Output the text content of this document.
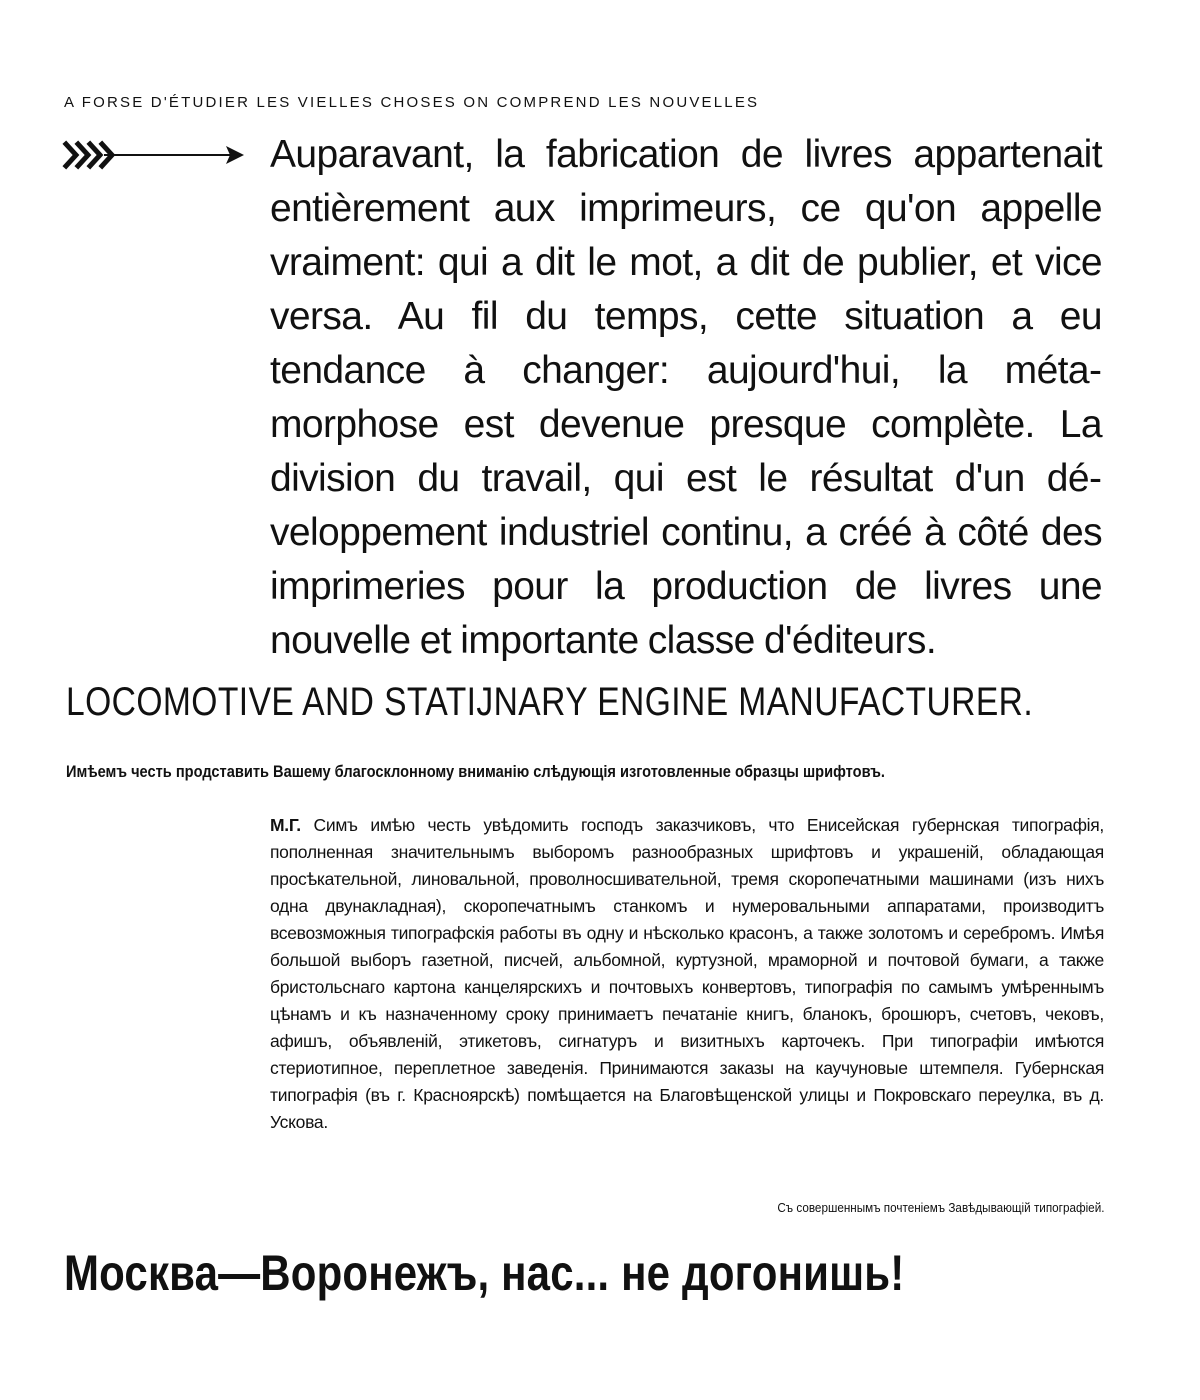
A FORSE D'ÉTUDIER LES VIELLES CHOSES ON COMPREND LES NOUVELLES
Auparavant, la fabrication de livres appartenait entièrement aux imprimeurs, ce qu'on appelle vraiment: qui a dit le mot, a dit de publier, et vice versa. Au fil du temps, cette situation a eu tendance à changer: aujourd'hui, la métamorphose est devenue presque complète. La division du travail, qui est le résultat d'un développement industriel continu, a créé à côté des imprimeries pour la production de livres une nouvelle et importante classe d'éditeurs.
LOCOMOTIVE AND STATIJNARY ENGINE MANUFACTURER.
Имѣемъ честь продставить Вашему благосклонному вниманiю слѣдующiя изготовленные образцы шрифтовъ.
М.Г. Симъ имѣю честь увѣдомить господъ заказчиковъ, что Енисейская губернская типографiя, пополненная значительнымъ выборомъ разнообразных шрифтовъ и украшенiй, обладающая просѣкательной, линовальной, проволносшивательной, тремя скоропечатными машинами (изъ нихъ одна двунакладная), скоропечатнымъ станкомъ и нумеровальными аппаратами, производитъ всевозможныя типографскiя работы въ одну и нѣсколько красонъ, а также золотомъ и серебромъ. Имѣя большой выборъ газетной, писчей, альбомной, куртузной, мраморной и почтовой бумаги, а также бристольснаго картона канцелярскихъ и почтовыхъ конвертовъ, типографiя по самымъ умѣреннымъ цѣнамъ и къ назначенному сроку принимаетъ печатанiе книгъ, бланокъ, брошюръ, счетовъ, чековъ, афишъ, объявленiй, этикетовъ, сигнатуръ и визитныхъ карточекъ. При типографiи имѣются стериотипное, переплетное заведенiя. Принимаются заказы на каучуновые штемпеля. Губернская типографiя (въ г. Красноярскѣ) помѣщается на Благовѣщенской улицы и Покровскаго переулка, въ д. Ускова.
Съ совершеннымъ почтенiемъ Завѣдывающiй типографiей.
Москва—Воронежъ, нас... не догонишь!
